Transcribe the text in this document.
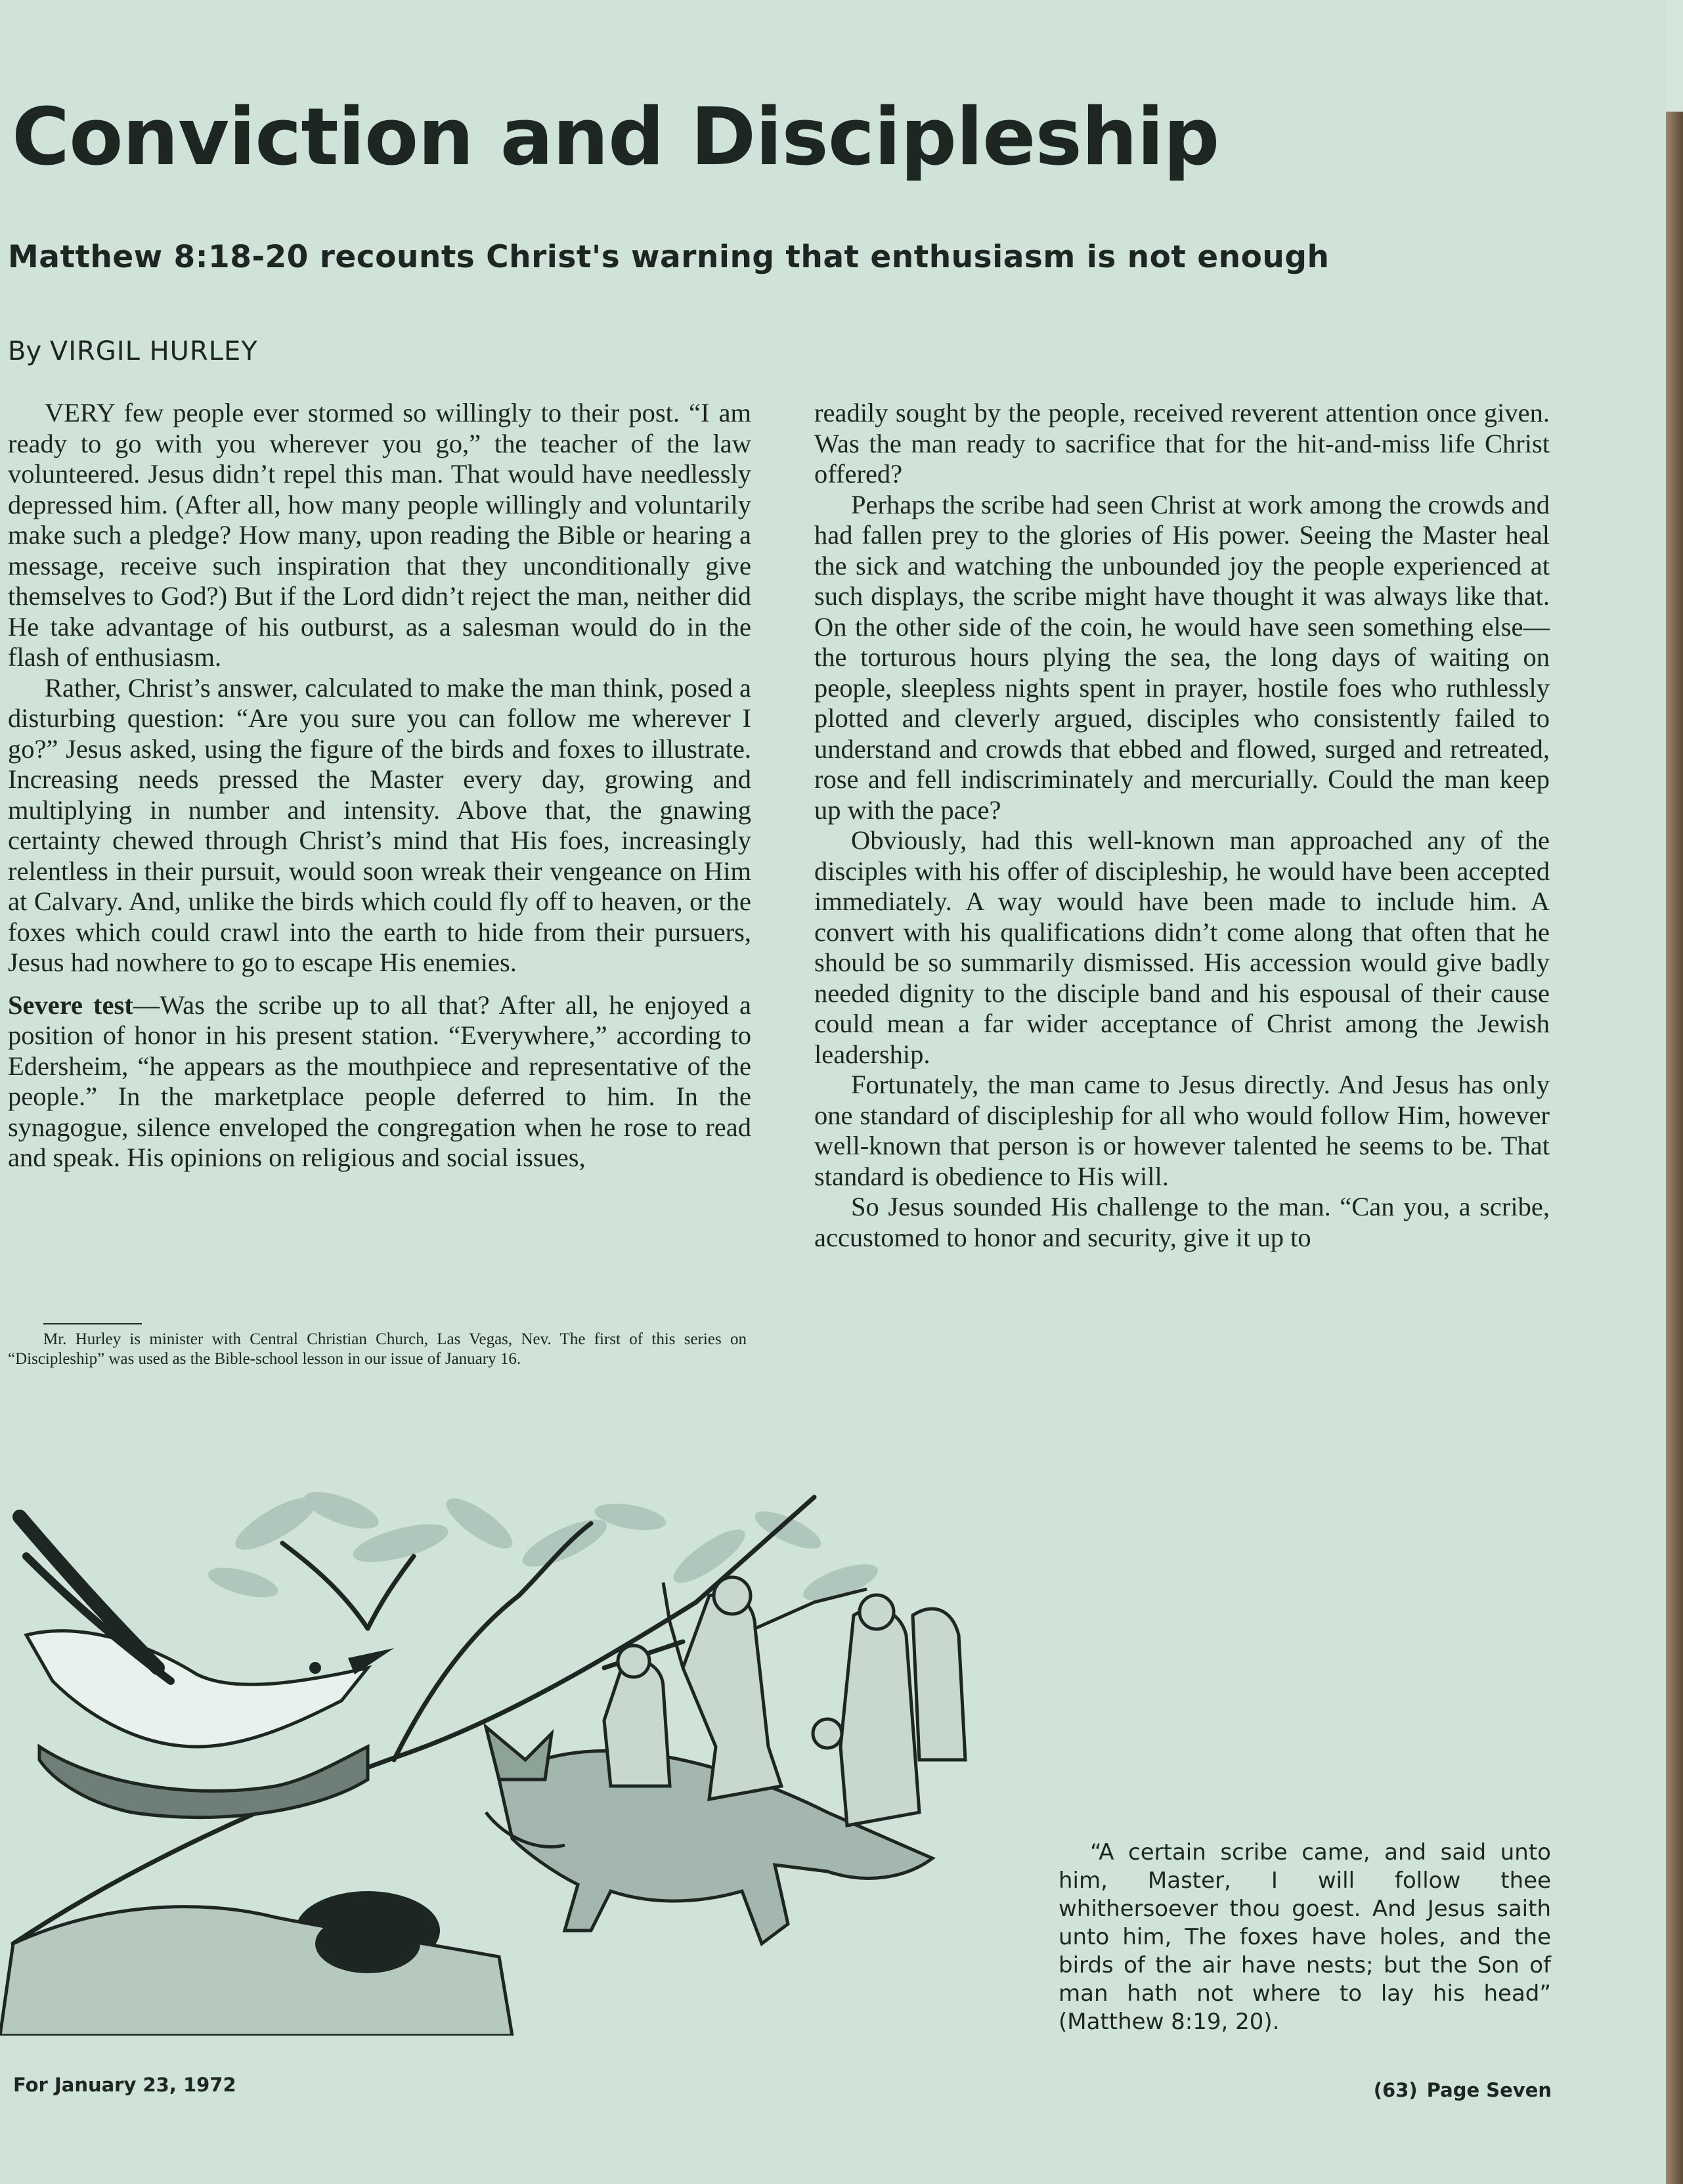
Conviction and Discipleship
Matthew 8:18-20 recounts Christ's warning that enthusiasm is not enough
By VIRGIL HURLEY

VERY few people ever stormed so willingly to their post. “I am ready to go with you wherever you go,” the teacher of the law volunteered. Jesus didn’t repel this man. That would have needlessly depressed him. (After all, how many people willingly and voluntarily make such a pledge? How many, upon reading the Bible or hearing a message, receive such inspiration that they unconditionally give themselves to God?) But if the Lord didn’t reject the man, neither did He take advantage of his outburst, as a salesman would do in the flash of enthusiasm.

Rather, Christ’s answer, calculated to make the man think, posed a disturbing question: “Are you sure you can follow me wherever I go?” Jesus asked, using the figure of the birds and foxes to illustrate. Increasing needs pressed the Master every day, growing and multiplying in number and intensity. Above that, the gnawing certainty chewed through Christ’s mind that His foes, increasingly relentless in their pursuit, would soon wreak their vengeance on Him at Calvary. And, unlike the birds which could fly off to heaven, or the foxes which could crawl into the earth to hide from their pursuers, Jesus had nowhere to go to escape His enemies.

Severe test—Was the scribe up to all that? After all, he enjoyed a position of honor in his present station. “Everywhere,” according to Edersheim, “he appears as the mouthpiece and representative of the people.” In the marketplace people deferred to him. In the synagogue, silence enveloped the congregation when he rose to read and speak. His opinions on religious and social issues,

Mr. Hurley is minister with Central Christian Church, Las Vegas, Nev. The first of this series on “Discipleship” was used as the Bible-school lesson in our issue of January 16.

readily sought by the people, received reverent attention once given. Was the man ready to sacrifice that for the hit-and-miss life Christ offered?

Perhaps the scribe had seen Christ at work among the crowds and had fallen prey to the glories of His power. Seeing the Master heal the sick and watching the unbounded joy the people experienced at such displays, the scribe might have thought it was always like that. On the other side of the coin, he would have seen something else—the torturous hours plying the sea, the long days of waiting on people, sleepless nights spent in prayer, hostile foes who ruthlessly plotted and cleverly argued, disciples who consistently failed to understand and crowds that ebbed and flowed, surged and retreated, rose and fell indiscriminately and mercurially. Could the man keep up with the pace?

Obviously, had this well-known man approached any of the disciples with his offer of discipleship, he would have been accepted immediately. A way would have been made to include him. A convert with his qualifications didn’t come along that often that he should be so summarily dismissed. His accession would give badly needed dignity to the disciple band and his espousal of their cause could mean a far wider acceptance of Christ among the Jewish leadership.

Fortunately, the man came to Jesus directly. And Jesus has only one standard of discipleship for all who would follow Him, however well-known that person is or however talented he seems to be. That standard is obedience to His will.

So Jesus sounded His challenge to the man. “Can you, a scribe, accustomed to honor and security, give it up to

“A certain scribe came, and said unto him, Master, I will follow thee whithersoever thou goest. And Jesus saith unto him, The foxes have holes, and the birds of the air have nests; but the Son of man hath not where to lay his head” (Matthew 8:19, 20).

For January 23, 1972	(63) Page Seven
